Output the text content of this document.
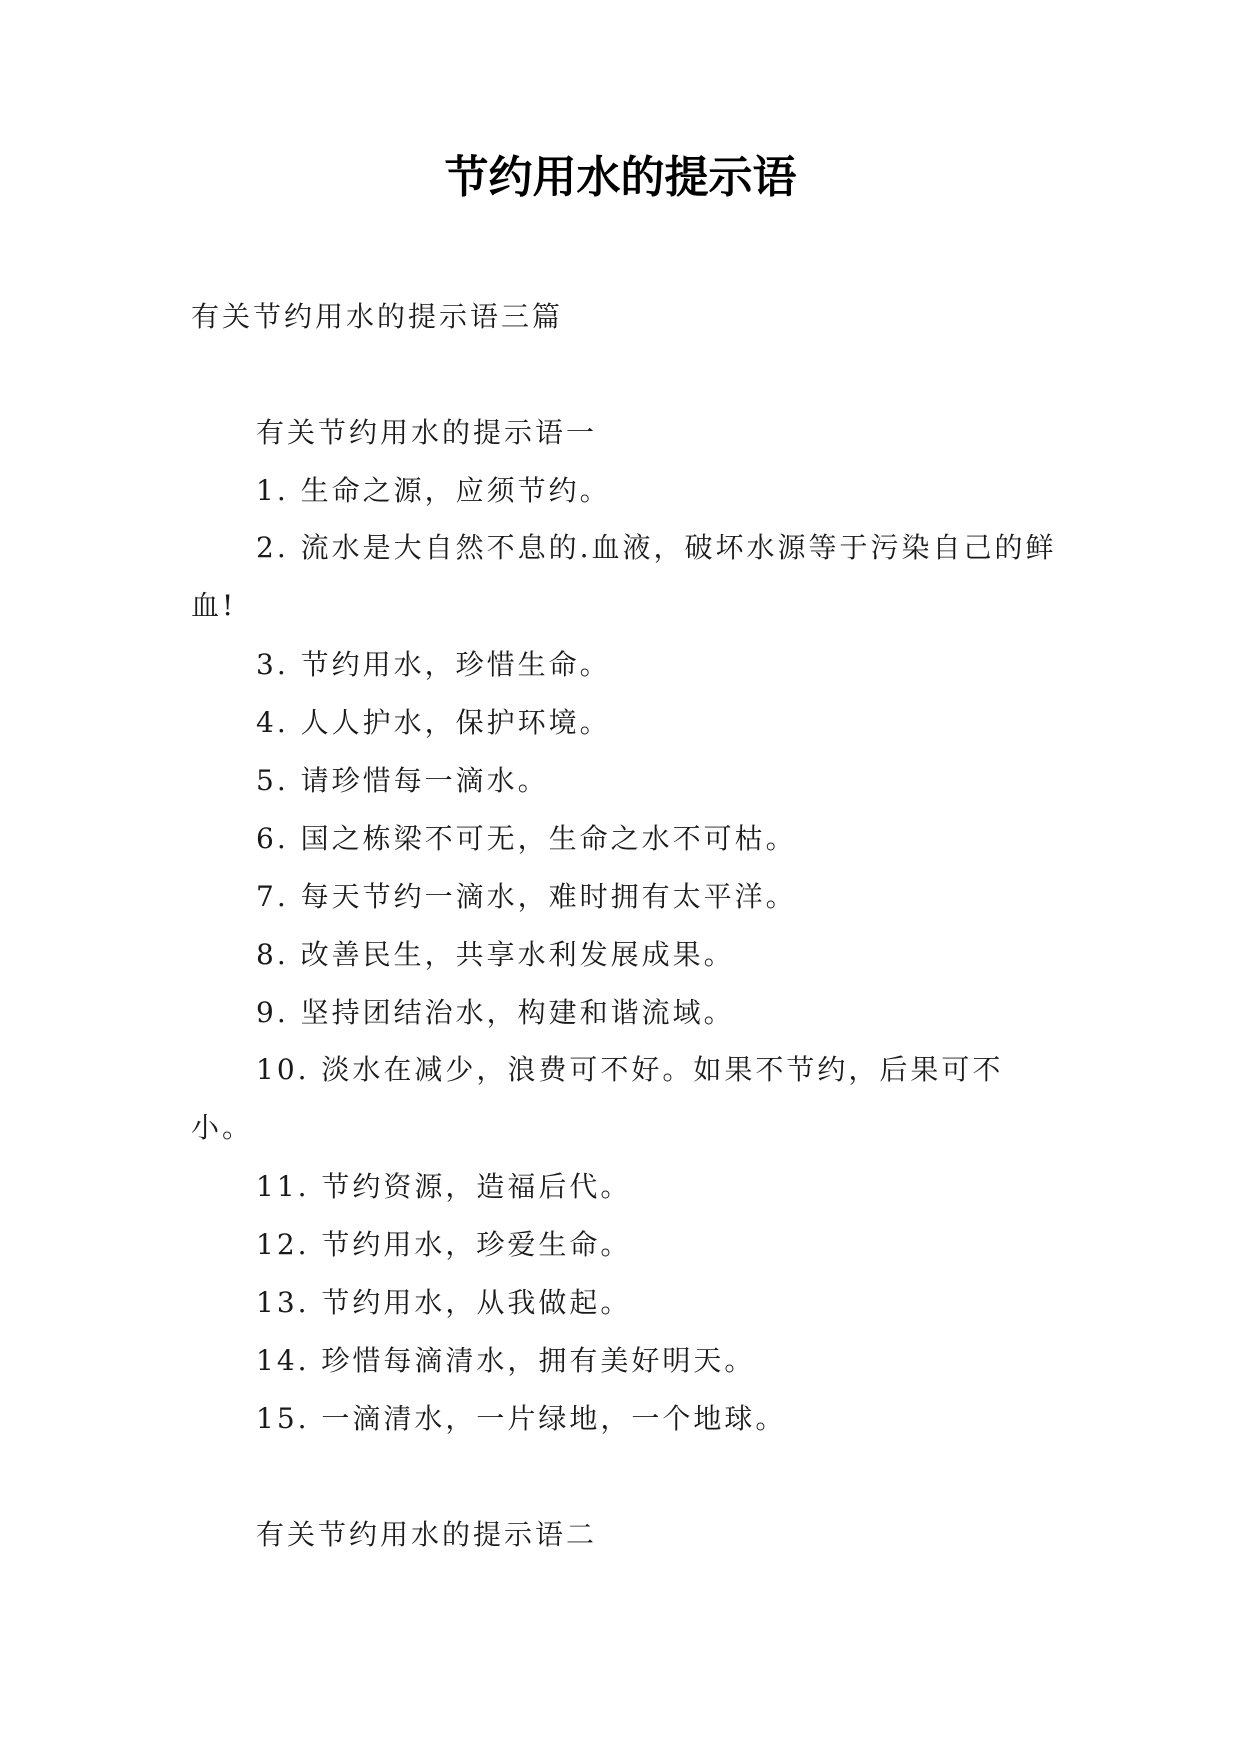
节约用水的提示语

有关节约用水的提示语三篇

有关节约用水的提示语一

1. 生命之源，应须节约。

2. 流水是大自然不息的.血液，破坏水源等于污染自己的鲜血!

3. 节约用水，珍惜生命。

4. 人人护水，保护环境。

5. 请珍惜每一滴水。

6. 国之栋梁不可无，生命之水不可枯。

7. 每天节约一滴水，难时拥有太平洋。

8. 改善民生，共享水利发展成果。

9. 坚持团结治水，构建和谐流域。

10. 淡水在减少，浪费可不好。如果不节约，后果可不小。

11. 节约资源，造福后代。

12. 节约用水，珍爱生命。

13. 节约用水，从我做起。

14. 珍惜每滴清水，拥有美好明天。

15. 一滴清水，一片绿地，一个地球。

有关节约用水的提示语二
